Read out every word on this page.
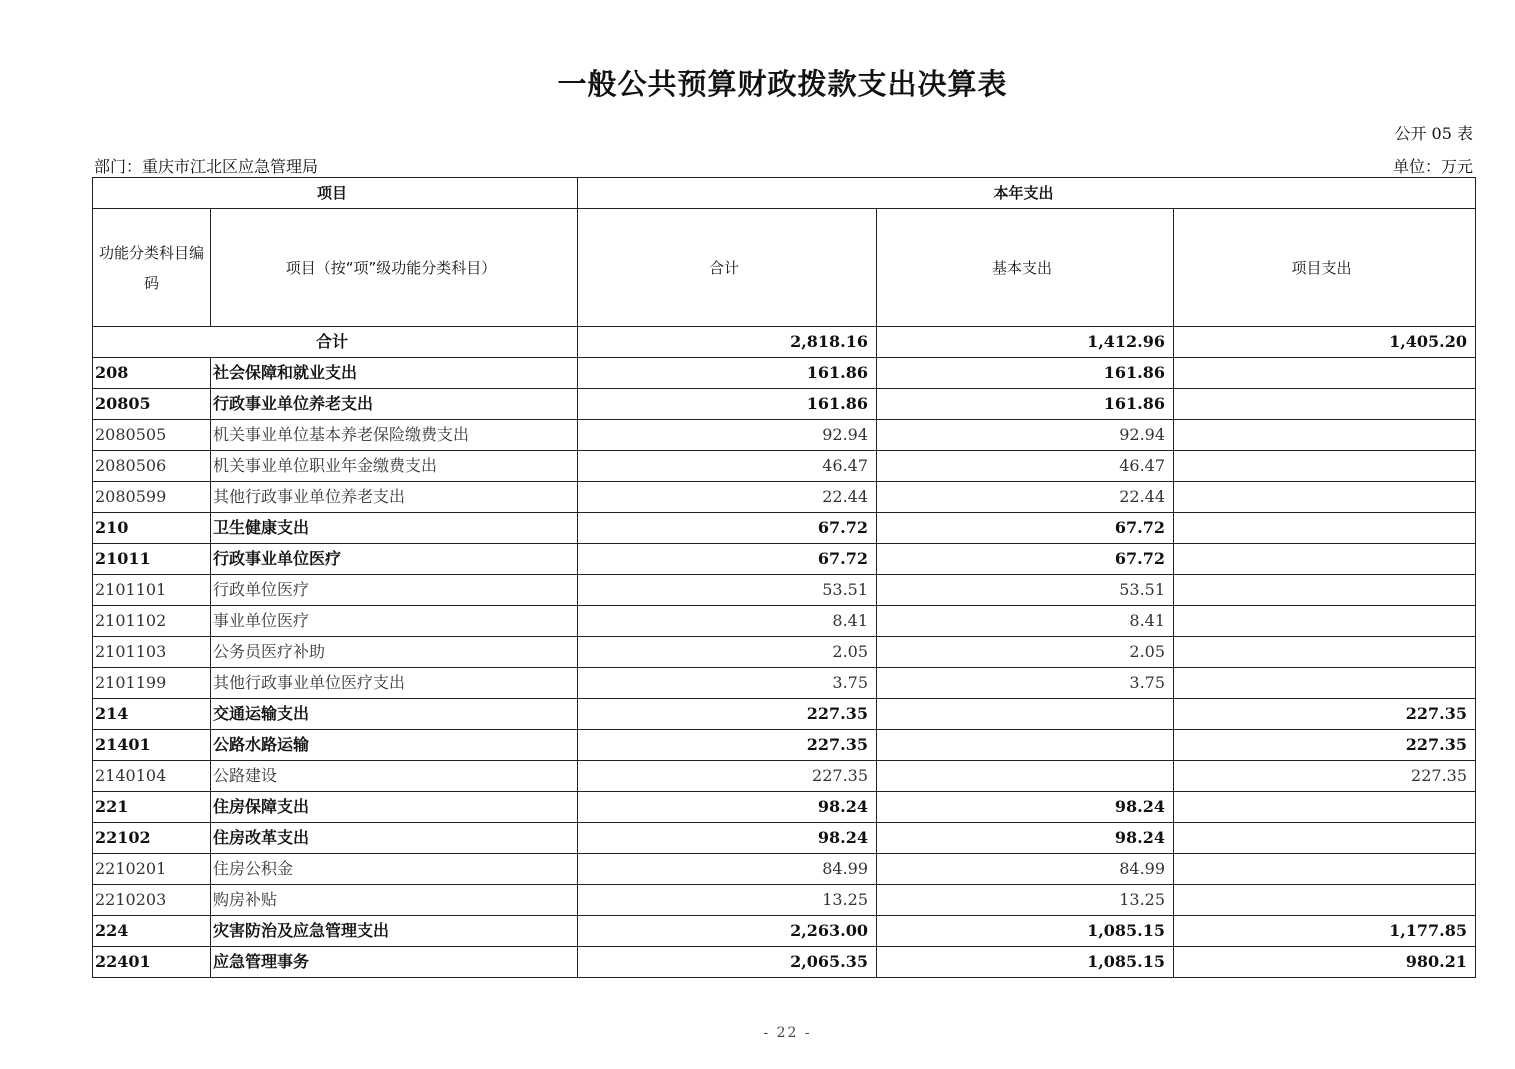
一般公共预算财政拨款支出决算表
公开 05 表
部门：重庆市江北区应急管理局	单位：万元
项目		本年支出		
功能分类科目编码	项目（按“项”级功能分类科目）	合计	基本支出	项目支出
合计		2,818.16	1,412.96	1,405.20
208	社会保障和就业支出	161.86	161.86	
20805	行政事业单位养老支出	161.86	161.86	
2080505	机关事业单位基本养老保险缴费支出	92.94	92.94	
2080506	机关事业单位职业年金缴费支出	46.47	46.47	
2080599	其他行政事业单位养老支出	22.44	22.44	
210	卫生健康支出	67.72	67.72	
21011	行政事业单位医疗	67.72	67.72	
2101101	行政单位医疗	53.51	53.51	
2101102	事业单位医疗	8.41	8.41	
2101103	公务员医疗补助	2.05	2.05	
2101199	其他行政事业单位医疗支出	3.75	3.75	
214	交通运输支出	227.35		227.35
21401	公路水路运输	227.35		227.35
2140104	公路建设	227.35		227.35
221	住房保障支出	98.24	98.24	
22102	住房改革支出	98.24	98.24	
2210201	住房公积金	84.99	84.99	
2210203	购房补贴	13.25	13.25	
224	灾害防治及应急管理支出	2,263.00	1,085.15	1,177.85
22401	应急管理事务	2,065.35	1,085.15	980.21
- 22 -
